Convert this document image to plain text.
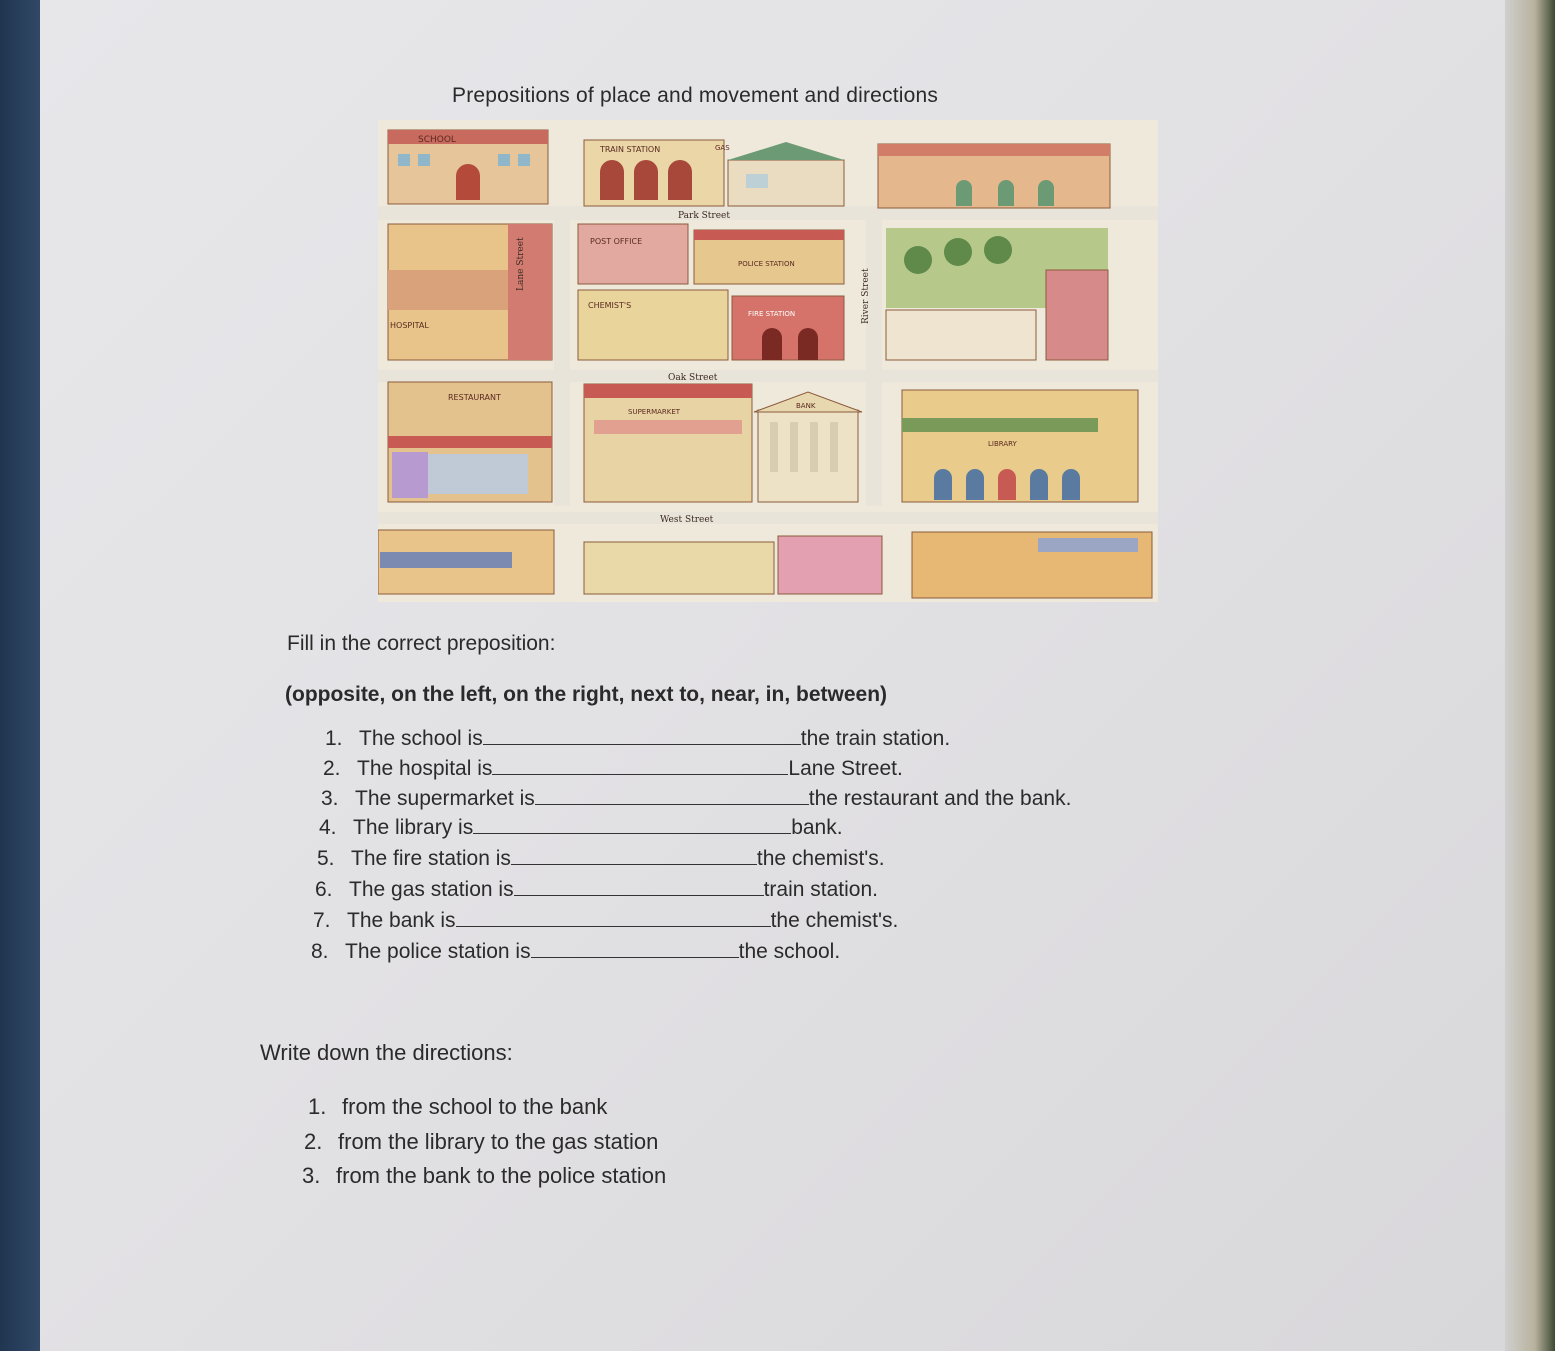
Prepositions of place and movement and directions
SCHOOL
TRAIN STATION	GAS
Park Street
HOSPITAL
Lane Street	POST OFFICE
POLICE STATION
CHEMIST'S
FIRE STATION	River Street
Oak Street
RESTAURANT
SUPERMARKET
BANK
LIBRARY
West Street
Fill in the correct preposition:
(opposite, on the left, on the right, next to, near, in, between)
1. The school is	the train station.
2. The hospital is	Lane Street.
3. The supermarket is	the restaurant and the bank.
4. The library is	bank.
5. The fire station is	the chemist's.
6. The gas station is	train station.
7. The bank is	the chemist's.
8. The police station is	the school.
Write down the directions:
1. from the school to the bank
2. from the library to the gas station
3. from the bank to the police station
